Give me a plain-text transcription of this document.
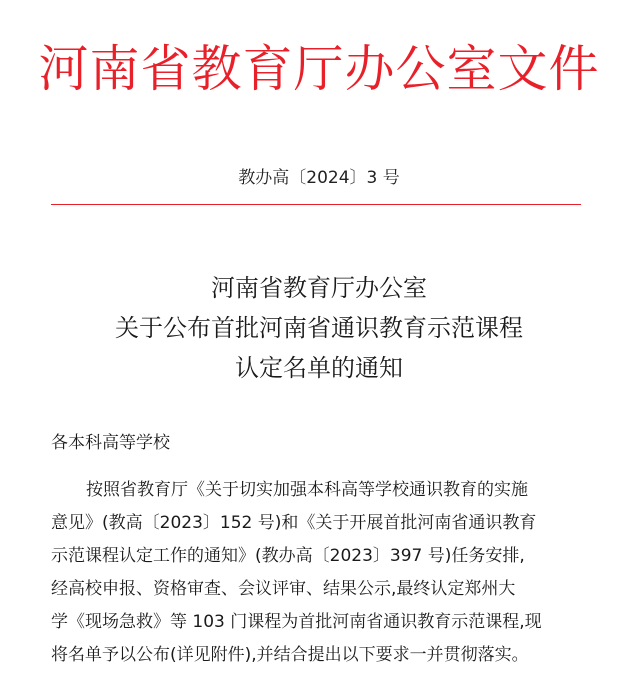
河南省教育厅办公室文件
教办高〔2024〕3 号
河南省教育厅办公室
关于公布首批河南省通识教育示范课程
认定名单的通知
各本科高等学校
按照省教育厅《关于切实加强本科高等学校通识教育的实施
意见》(教高〔2023〕152 号)和《关于开展首批河南省通识教育
示范课程认定工作的通知》(教办高〔2023〕397 号)任务安排,
经高校申报、资格审查、会议评审、结果公示,最终认定郑州大
学《现场急救》等 103 门课程为首批河南省通识教育示范课程,现
将名单予以公布(详见附件),并结合提出以下要求一并贯彻落实。
